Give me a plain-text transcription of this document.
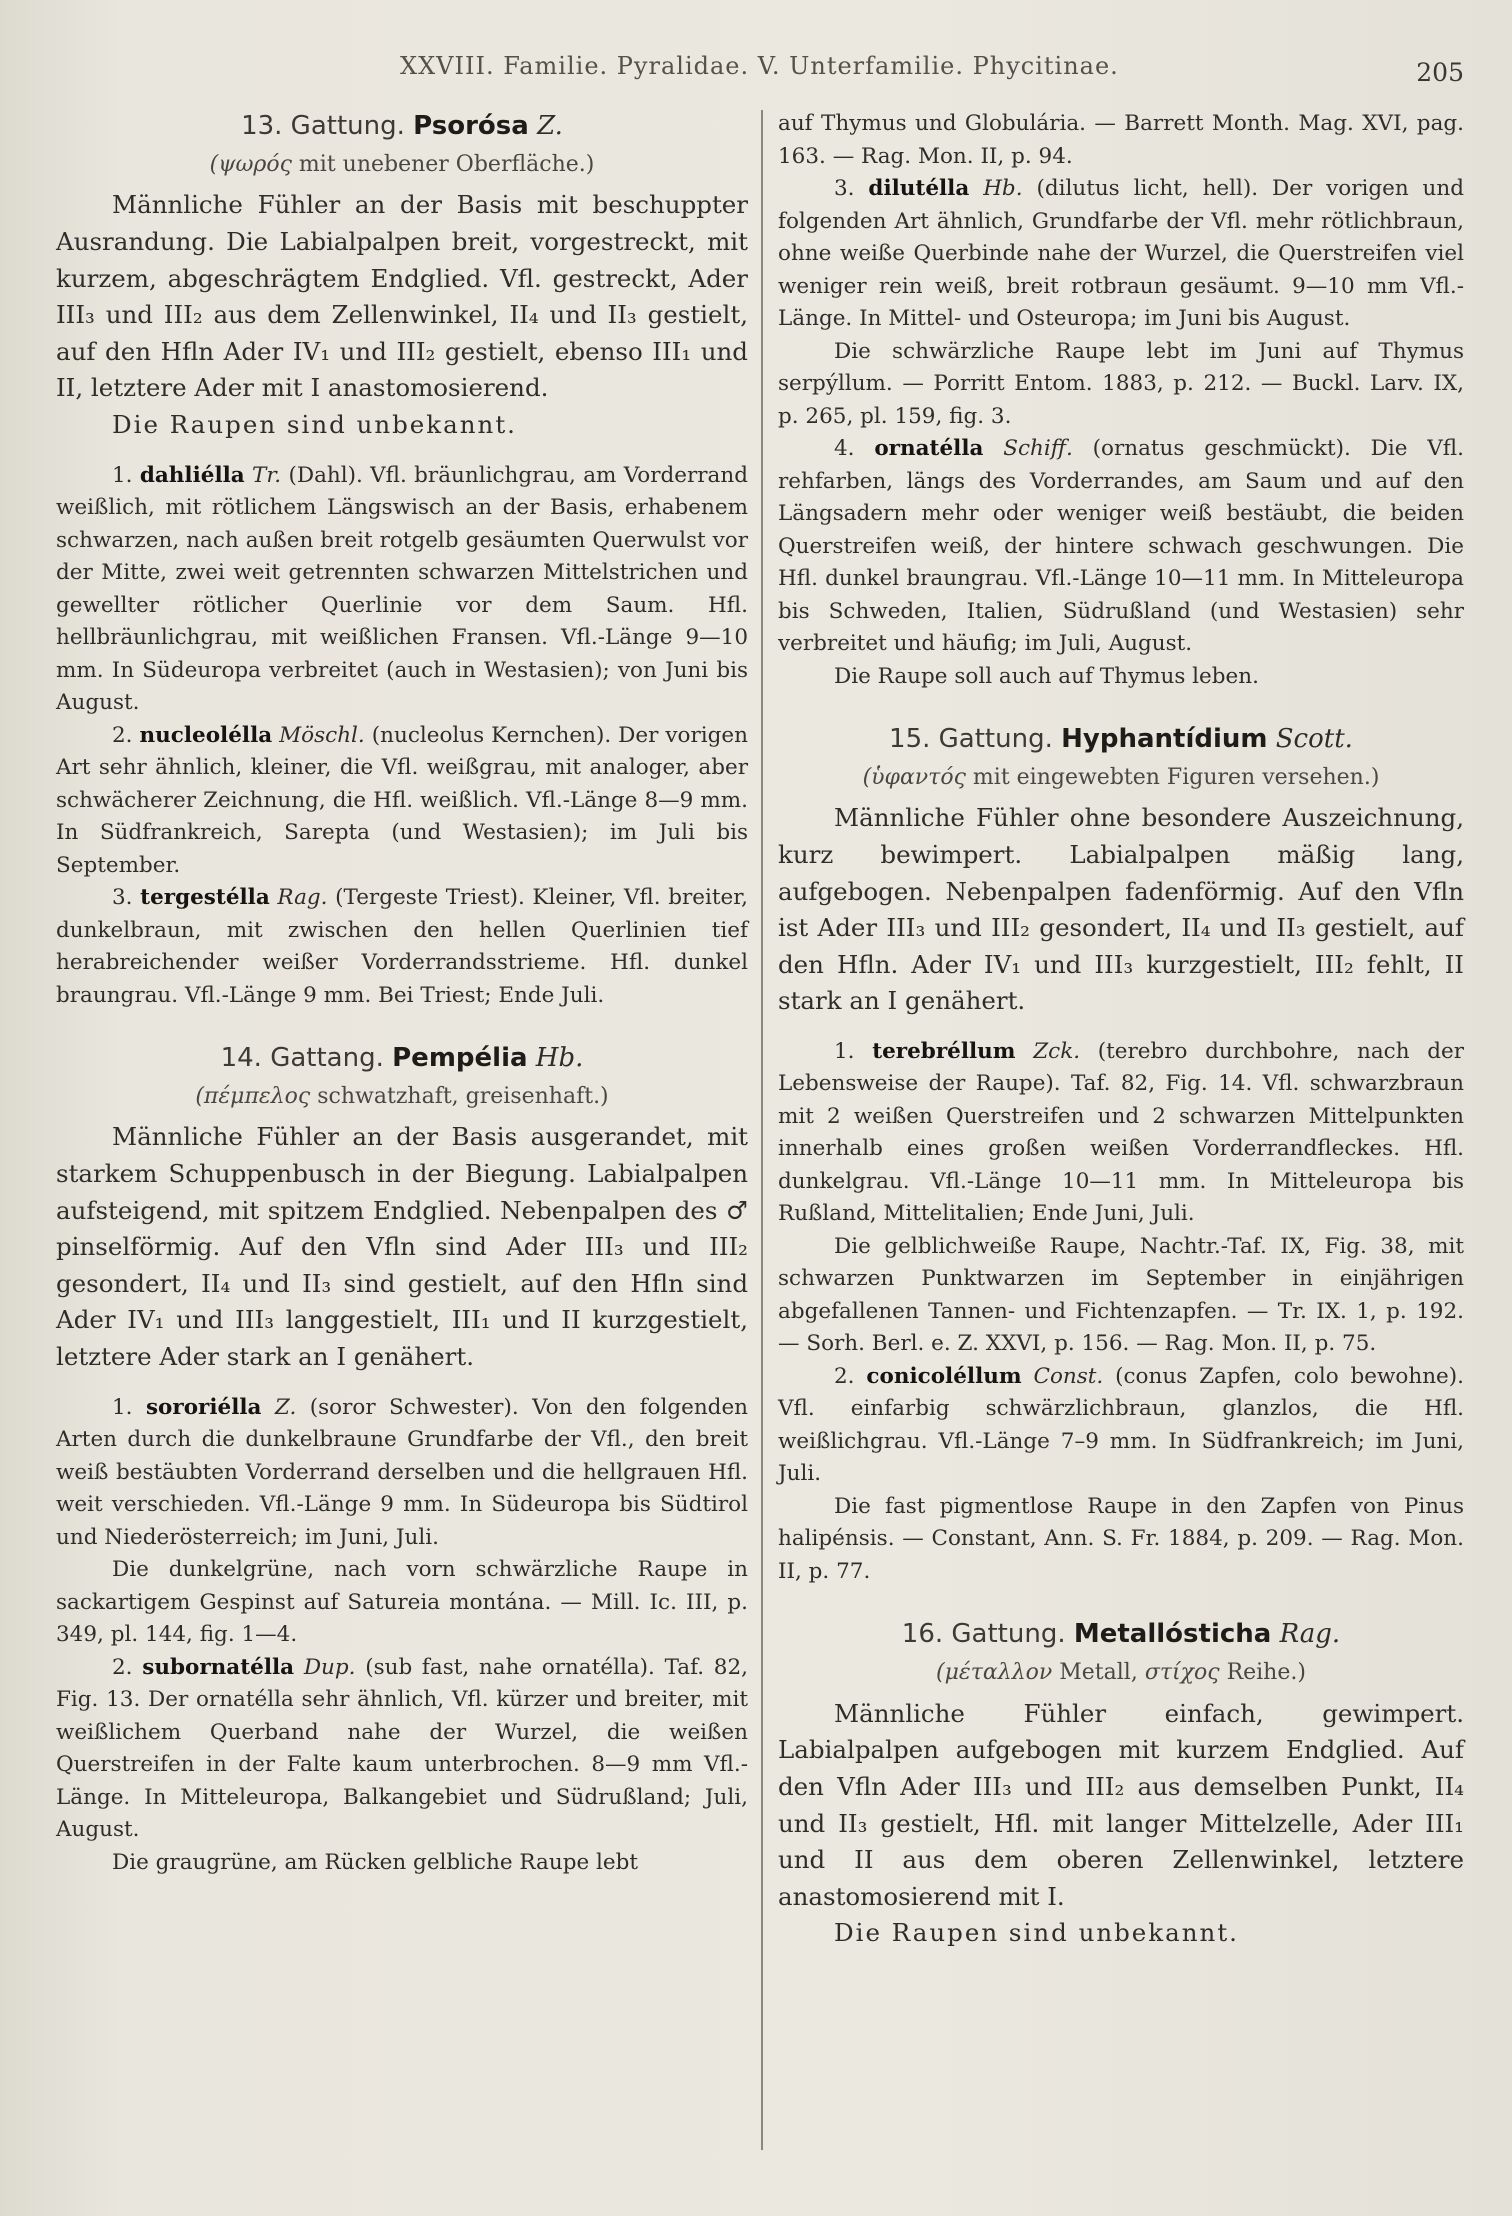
XXVIII. Familie. Pyralidae. V. Unterfamilie. Phycitinae.	205
13. Gattung. Psorósa Z.
(ψωρός mit unebener Oberfläche.)

Männliche Fühler an der Basis mit beschuppter Ausrandung. Die Labialpalpen breit, vorgestreckt, mit kurzem, abgeschrägtem Endglied. Vfl. gestreckt, Ader III₃ und III₂ aus dem Zellenwinkel, II₄ und II₃ gestielt, auf den Hfln Ader IV₁ und III₂ gestielt, ebenso III₁ und II, letztere Ader mit I anastomosierend.

Die Raupen sind unbekannt.

1. dahliélla Tr. (Dahl). Vfl. bräunlichgrau, am Vorderrand weißlich, mit rötlichem Längswisch an der Basis, erhabenem schwarzen, nach außen breit rotgelb gesäumten Querwulst vor der Mitte, zwei weit getrennten schwarzen Mittelstrichen und gewellter rötlicher Querlinie vor dem Saum. Hfl. hellbräunlichgrau, mit weißlichen Fransen. Vfl.-Länge 9—10 mm. In Südeuropa verbreitet (auch in Westasien); von Juni bis August.

2. nucleoléllа Möschl. (nucleolus Kernchen). Der vorigen Art sehr ähnlich, kleiner, die Vfl. weißgrau, mit analoger, aber schwächerer Zeichnung, die Hfl. weißlich. Vfl.-Länge 8—9 mm. In Südfrankreich, Sarepta (und Westasien); im Juli bis September.

3. tergestélla Rag. (Tergeste Triest). Kleiner, Vfl. breiter, dunkelbraun, mit zwischen den hellen Querlinien tief herabreichender weißer Vorderrandsstrieme. Hfl. dunkel braungrau. Vfl.-Länge 9 mm. Bei Triest; Ende Juli.

14. Gattang. Pempélia Hb.
(πέμπελος schwatzhaft, greisenhaft.)

Männliche Fühler an der Basis ausgerandet, mit starkem Schuppenbusch in der Biegung. Labialpalpen aufsteigend, mit spitzem Endglied. Nebenpalpen des ♂ pinselförmig. Auf den Vfln sind Ader III₃ und III₂ gesondert, II₄ und II₃ sind gestielt, auf den Hfln sind Ader IV₁ und III₃ langgestielt, III₁ und II kurzgestielt, letztere Ader stark an I genähert.

1. sororiélla Z. (soror Schwester). Von den folgenden Arten durch die dunkelbraune Grundfarbe der Vfl., den breit weiß bestäubten Vorderrand derselben und die hellgrauen Hfl. weit verschieden. Vfl.-Länge 9 mm. In Südeuropa bis Südtirol und Niederösterreich; im Juni, Juli.

Die dunkelgrüne, nach vorn schwärzliche Raupe in sackartigem Gespinst auf Satureia montána. — Mill. Ic. III, p. 349, pl. 144, fig. 1—4.

2. subornatélla Dup. (sub fast, nahe ornatélla). Taf. 82, Fig. 13. Der ornatélla sehr ähnlich, Vfl. kürzer und breiter, mit weißlichem Querband nahe der Wurzel, die weißen Querstreifen in der Falte kaum unterbrochen. 8—9 mm Vfl.-Länge. In Mitteleuropa, Balkangebiet und Südrußland; Juli, August.

Die graugrüne, am Rücken gelbliche Raupe lebt

auf Thymus und Globulária. — Barrett Month. Mag. XVI, pag. 163. — Rag. Mon. II, p. 94.

3. dilutélla Hb. (dilutus licht, hell). Der vorigen und folgenden Art ähnlich, Grundfarbe der Vfl. mehr rötlichbraun, ohne weiße Querbinde nahe der Wurzel, die Querstreifen viel weniger rein weiß, breit rotbraun gesäumt. 9—10 mm Vfl.-Länge. In Mittel- und Osteuropa; im Juni bis August.

Die schwärzliche Raupe lebt im Juni auf Thymus serpýllum. — Porritt Entom. 1883, p. 212. — Buckl. Larv. IX, p. 265, pl. 159, fig. 3.

4. ornatélla Schiff. (ornatus geschmückt). Die Vfl. rehfarben, längs des Vorderrandes, am Saum und auf den Längsadern mehr oder weniger weiß bestäubt, die beiden Querstreifen weiß, der hintere schwach geschwungen. Die Hfl. dunkel braungrau. Vfl.-Länge 10—11 mm. In Mitteleuropa bis Schweden, Italien, Südrußland (und Westasien) sehr verbreitet und häufig; im Juli, August.

Die Raupe soll auch auf Thymus leben.

15. Gattung. Hyphantídium Scott.
(ὑφαντός mit eingewebten Figuren versehen.)

Männliche Fühler ohne besondere Auszeichnung, kurz bewimpert. Labialpalpen mäßig lang, aufgebogen. Nebenpalpen fadenförmig. Auf den Vfln ist Ader III₃ und III₂ gesondert, II₄ und II₃ gestielt, auf den Hfln. Ader IV₁ und III₃ kurzgestielt, III₂ fehlt, II stark an I genähert.

1. terebréllum Zck. (terebro durchbohre, nach der Lebensweise der Raupe). Taf. 82, Fig. 14. Vfl. schwarzbraun mit 2 weißen Querstreifen und 2 schwarzen Mittelpunkten innerhalb eines großen weißen Vorderrandfleckes. Hfl. dunkelgrau. Vfl.-Länge 10—11 mm. In Mitteleuropa bis Rußland, Mittelitalien; Ende Juni, Juli.

Die gelblichweiße Raupe, Nachtr.-Taf. IX, Fig. 38, mit schwarzen Punktwarzen im September in einjährigen abgefallenen Tannen- und Fichtenzapfen. — Tr. IX. 1, p. 192. — Sorh. Berl. e. Z. XXVI, p. 156. — Rag. Mon. II, p. 75.

2. conicoléllum Const. (conus Zapfen, colo bewohne). Vfl. einfarbig schwärzlichbraun, glanzlos, die Hfl. weißlichgrau. Vfl.-Länge 7–9 mm. In Südfrankreich; im Juni, Juli.

Die fast pigmentlose Raupe in den Zapfen von Pinus halipénsis. — Constant, Ann. S. Fr. 1884, p. 209. — Rag. Mon. II, p. 77.

16. Gattung. Metallósticha Rag.
(μέταλλον Metall, στίχος Reihe.)

Männliche Fühler einfach, gewimpert. Labialpalpen aufgebogen mit kurzem Endglied. Auf den Vfln Ader III₃ und III₂ aus demselben Punkt, II₄ und II₃ gestielt, Hfl. mit langer Mittelzelle, Ader III₁ und II aus dem oberen Zellenwinkel, letztere anastomosierend mit I.

Die Raupen sind unbekannt.
